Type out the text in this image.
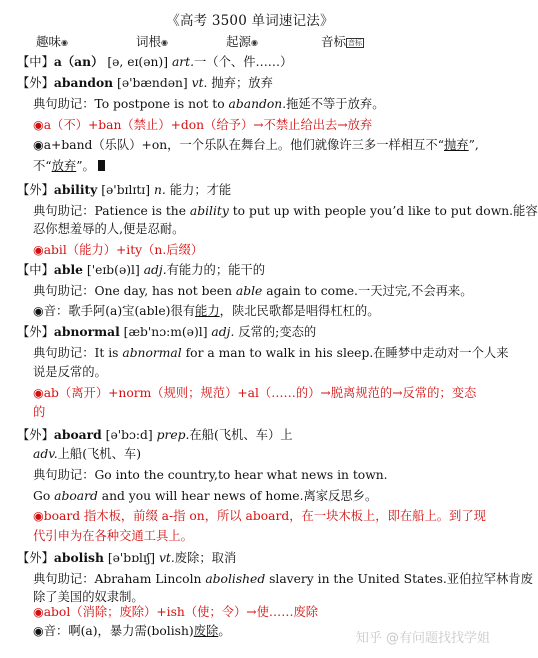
《高考 3500 单词速记法》
趣味◉	词根◉	起源◉	音标 音标
【中】a（an） [ə, eɪ(ən)] art.一（个、件……）
【外】abandon [ə'bændən] vt. 抛弃；放弃
典句助记：To postpone is not to abandon.拖延不等于放弃。
◉a（不）+ban（禁止）+don（给予）→不禁止给出去→放弃
◉a+band（乐队）+on，一个乐队在舞台上。他们就像许三多一样相互不“抛弃”,
不“放弃”。
【外】ability [ə'bɪlɪtɪ] n. 能力；才能
典句助记：Patience is the ability to put up with people you’d like to put down.能容
忍你想羞辱的人,便是忍耐。
◉abil（能力）+ity（n.后缀）
【中】able ['eɪb(ə)l] adj.有能力的；能干的
典句助记：One day, has not been able again to come.一天过完,不会再来。
◉音：歌手阿(a)宝(able)很有能力，陕北民歌都是唱得杠杠的。
【外】abnormal [æb'nɔ:m(ə)l] adj. 反常的;变态的
典句助记：It is abnormal for a man to walk in his sleep.在睡梦中走动对一个人来
说是反常的。
◉ab（离开）+norm（规则；规范）+al（……的）→脱离规范的→反常的；变态
的
【外】aboard [ə'bɔ:d] prep.在船(飞机、车）上
adv.上船(飞机、车)
典句助记：Go into the country,to hear what news in town.
Go aboard and you will hear news of home.离家反思乡。
◉board 指木板，前缀 a-指 on，所以 aboard，在一块木板上，即在船上。到了现
代引申为在各种交通工具上。
【外】abolish [ə'bɒlɪʃ] vt.废除；取消
典句助记：Abraham Lincoln abolished slavery in the United States.亚伯拉罕林肯废
除了美国的奴隶制。
◉abol（消除；废除）+ish（使；令）→使……废除
◉音：啊(a)，暴力需(bolish)废除。	知乎 @有问题找找学姐
